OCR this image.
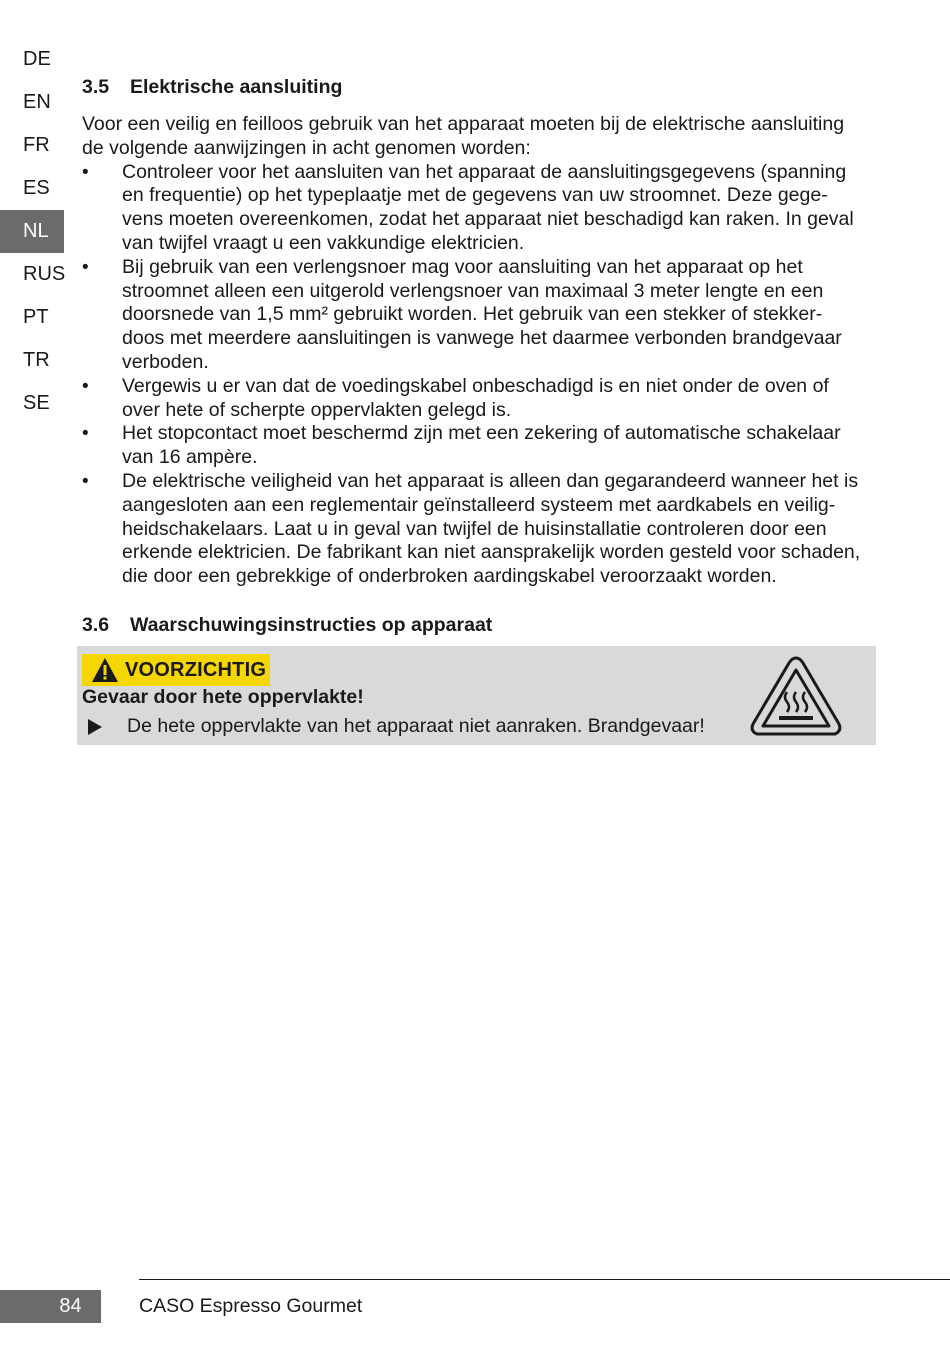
DE
EN
FR
ES
NL
RUS
PT
TR
SE
3.5 Elektrische aansluiting
Voor een veilig en feilloos gebruik van het apparaat moeten bij de elektrische aansluiting
de volgende aanwijzingen in acht genomen worden:
• Controleer voor het aansluiten van het apparaat de aansluitingsgegevens (spanning
en frequentie) op het typeplaatje met de gegevens van uw stroomnet. Deze gege-
vens moeten overeenkomen, zodat het apparaat niet beschadigd kan raken. In geval
van twijfel vraagt u een vakkundige elektricien.
• Bij gebruik van een verlengsnoer mag voor aansluiting van het apparaat op het
stroomnet alleen een uitgerold verlengsnoer van maximaal 3 meter lengte en een
doorsnede van 1,5 mm² gebruikt worden. Het gebruik van een stekker of stekker-
doos met meerdere aansluitingen is vanwege het daarmee verbonden brandgevaar
verboden.
• Vergewis u er van dat de voedingskabel onbeschadigd is en niet onder de oven of
over hete of scherpte oppervlakten gelegd is.
• Het stopcontact moet beschermd zijn met een zekering of automatische schakelaar
van 16 ampère.
• De elektrische veiligheid van het apparaat is alleen dan gegarandeerd wanneer het is
aangesloten aan een reglementair geïnstalleerd systeem met aardkabels en veilig-
heidschakelaars. Laat u in geval van twijfel de huisinstallatie controleren door een
erkende elektricien. De fabrikant kan niet aansprakelijk worden gesteld voor schaden,
die door een gebrekkige of onderbroken aardingskabel veroorzaakt worden.
3.6 Waarschuwingsinstructies op apparaat
VOORZICHTIG
Gevaar door hete oppervlakte!
De hete oppervlakte van het apparaat niet aanraken. Brandgevaar!
84	CASO Espresso Gourmet
